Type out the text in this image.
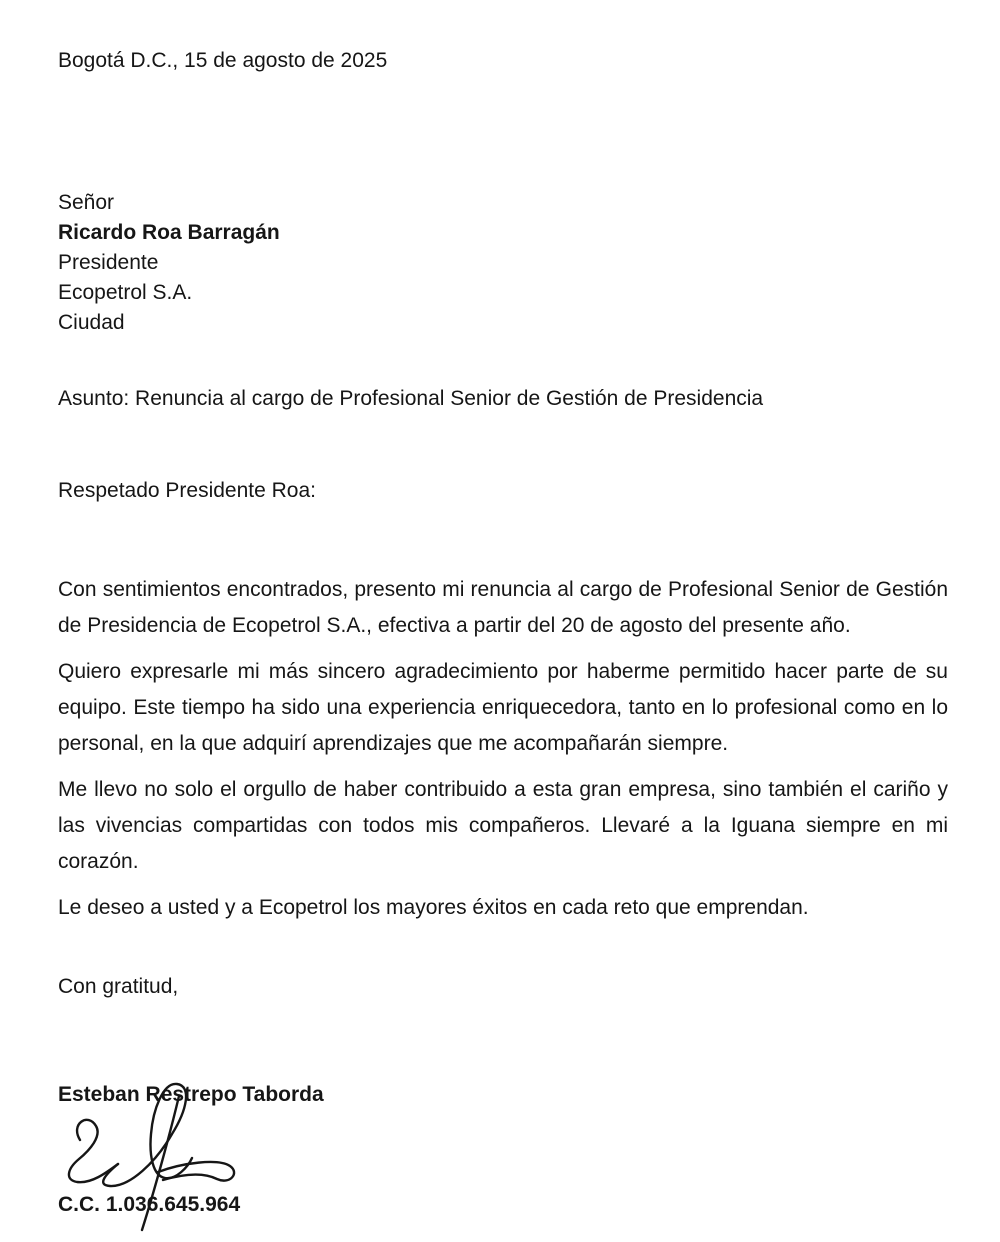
Bogotá D.C., 15 de agosto de 2025

Señor

Ricardo Roa Barragán

Presidente

Ecopetrol S.A.

Ciudad

Asunto: Renuncia al cargo de Profesional Senior de Gestión de Presidencia

Respetado Presidente Roa:

Con sentimientos encontrados, presento mi renuncia al cargo de Profesional Senior de Gestión de Presidencia de Ecopetrol S.A., efectiva a partir del 20 de agosto del presente año.

Quiero expresarle mi más sincero agradecimiento por haberme permitido hacer parte de su equipo. Este tiempo ha sido una experiencia enriquecedora, tanto en lo profesional como en lo personal, en la que adquirí aprendizajes que me acompañarán siempre.

Me llevo no solo el orgullo de haber contribuido a esta gran empresa, sino también el cariño y las vivencias compartidas con todos mis compañeros. Llevaré a la Iguana siempre en mi corazón.

Le deseo a usted y a Ecopetrol los mayores éxitos en cada reto que emprendan.

Con gratitud,

Esteban Restrepo Taborda

C.C. 1.036.645.964
